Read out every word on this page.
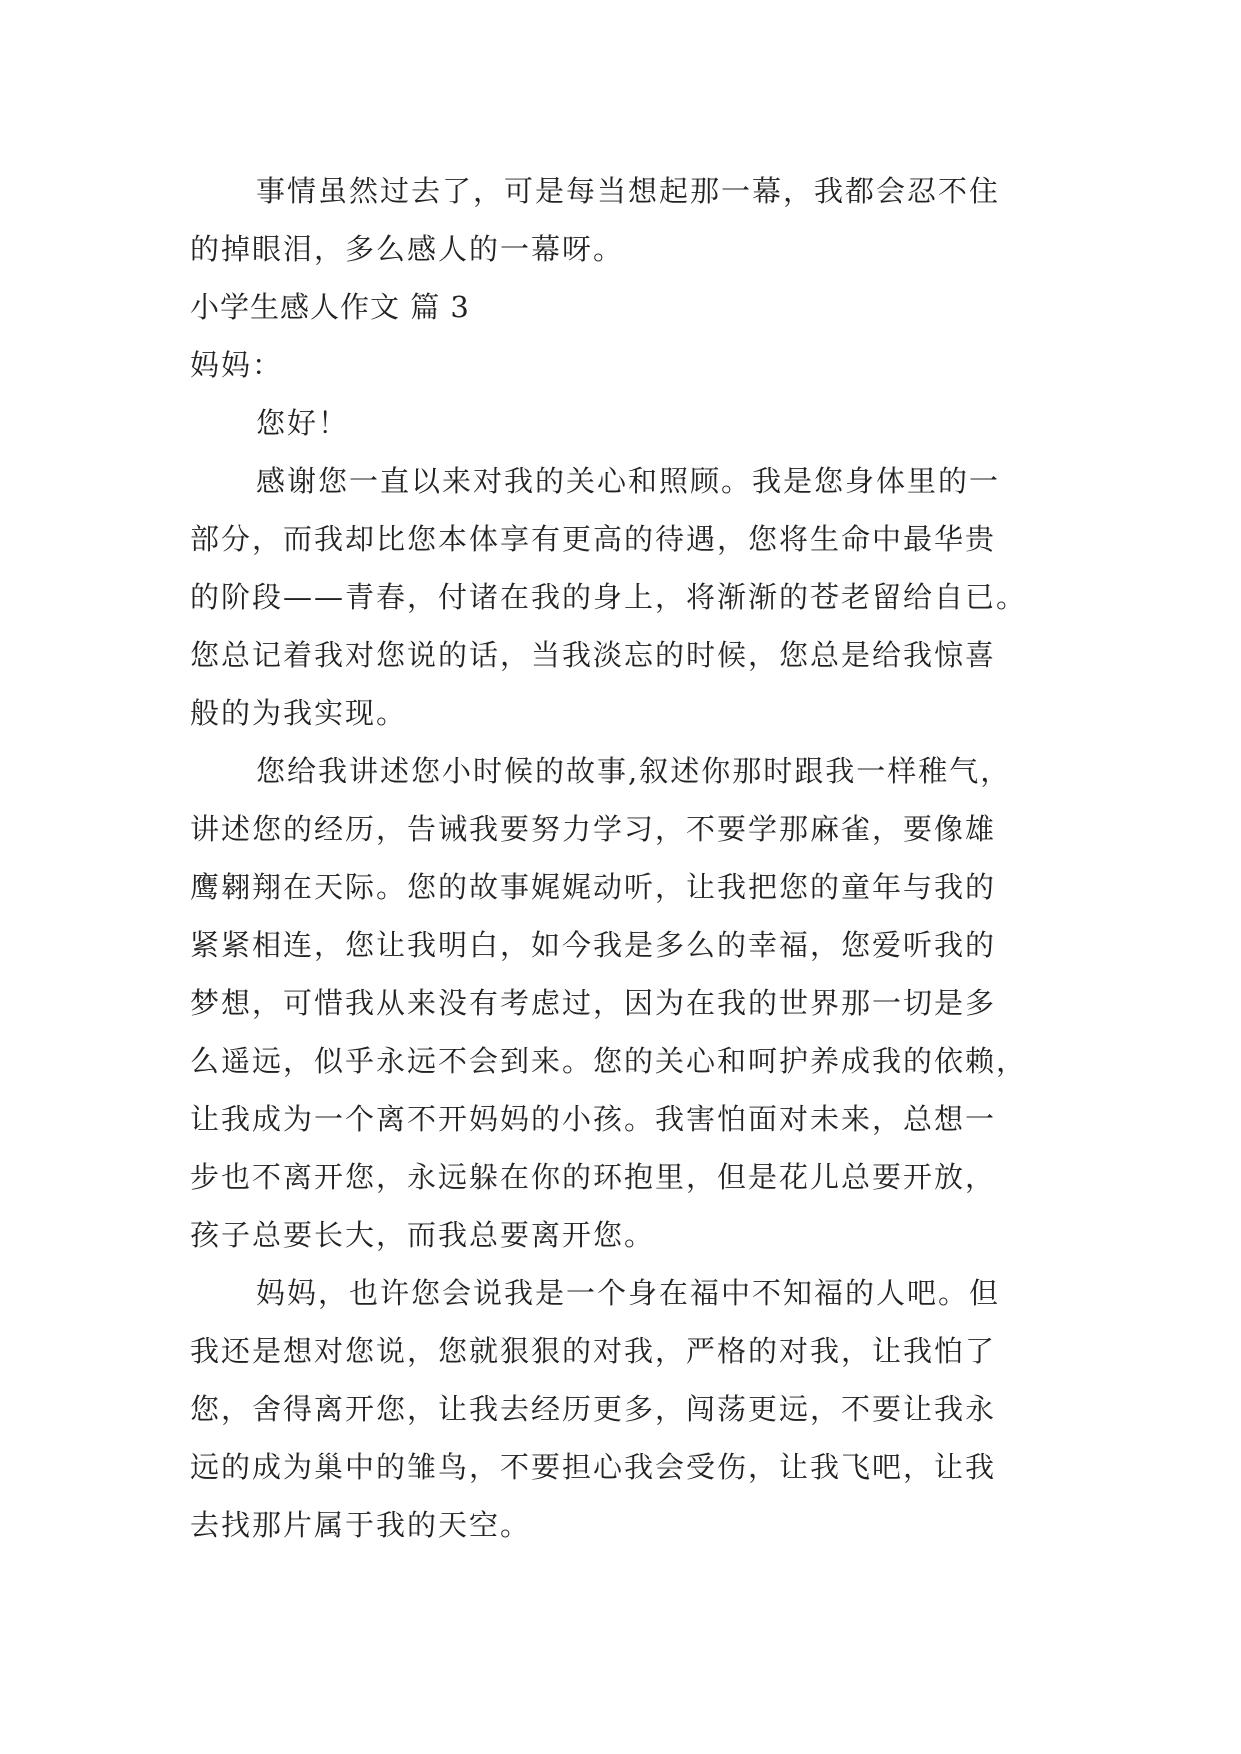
事情虽然过去了，可是每当想起那一幕，我都会忍不住
的掉眼泪，多么感人的一幕呀。
小学生感人作文 篇 3
妈妈：
您好！
感谢您一直以来对我的关心和照顾。我是您身体里的一
部分，而我却比您本体享有更高的待遇，您将生命中最华贵
的阶段——青春，付诸在我的身上，将渐渐的苍老留给自已。
您总记着我对您说的话，当我淡忘的时候，您总是给我惊喜
般的为我实现。
您给我讲述您小时候的故事,叙述你那时跟我一样稚气，
讲述您的经历，告诫我要努力学习，不要学那麻雀，要像雄
鹰翱翔在天际。您的故事娓娓动听，让我把您的童年与我的
紧紧相连，您让我明白，如今我是多么的幸福，您爱听我的
梦想，可惜我从来没有考虑过，因为在我的世界那一切是多
么遥远，似乎永远不会到来。您的关心和呵护养成我的依赖，
让我成为一个离不开妈妈的小孩。我害怕面对未来，总想一
步也不离开您，永远躲在你的环抱里，但是花儿总要开放，
孩子总要长大，而我总要离开您。
妈妈，也许您会说我是一个身在福中不知福的人吧。但
我还是想对您说，您就狠狠的对我，严格的对我，让我怕了
您，舍得离开您，让我去经历更多，闯荡更远，不要让我永
远的成为巢中的雏鸟，不要担心我会受伤，让我飞吧，让我
去找那片属于我的天空。
